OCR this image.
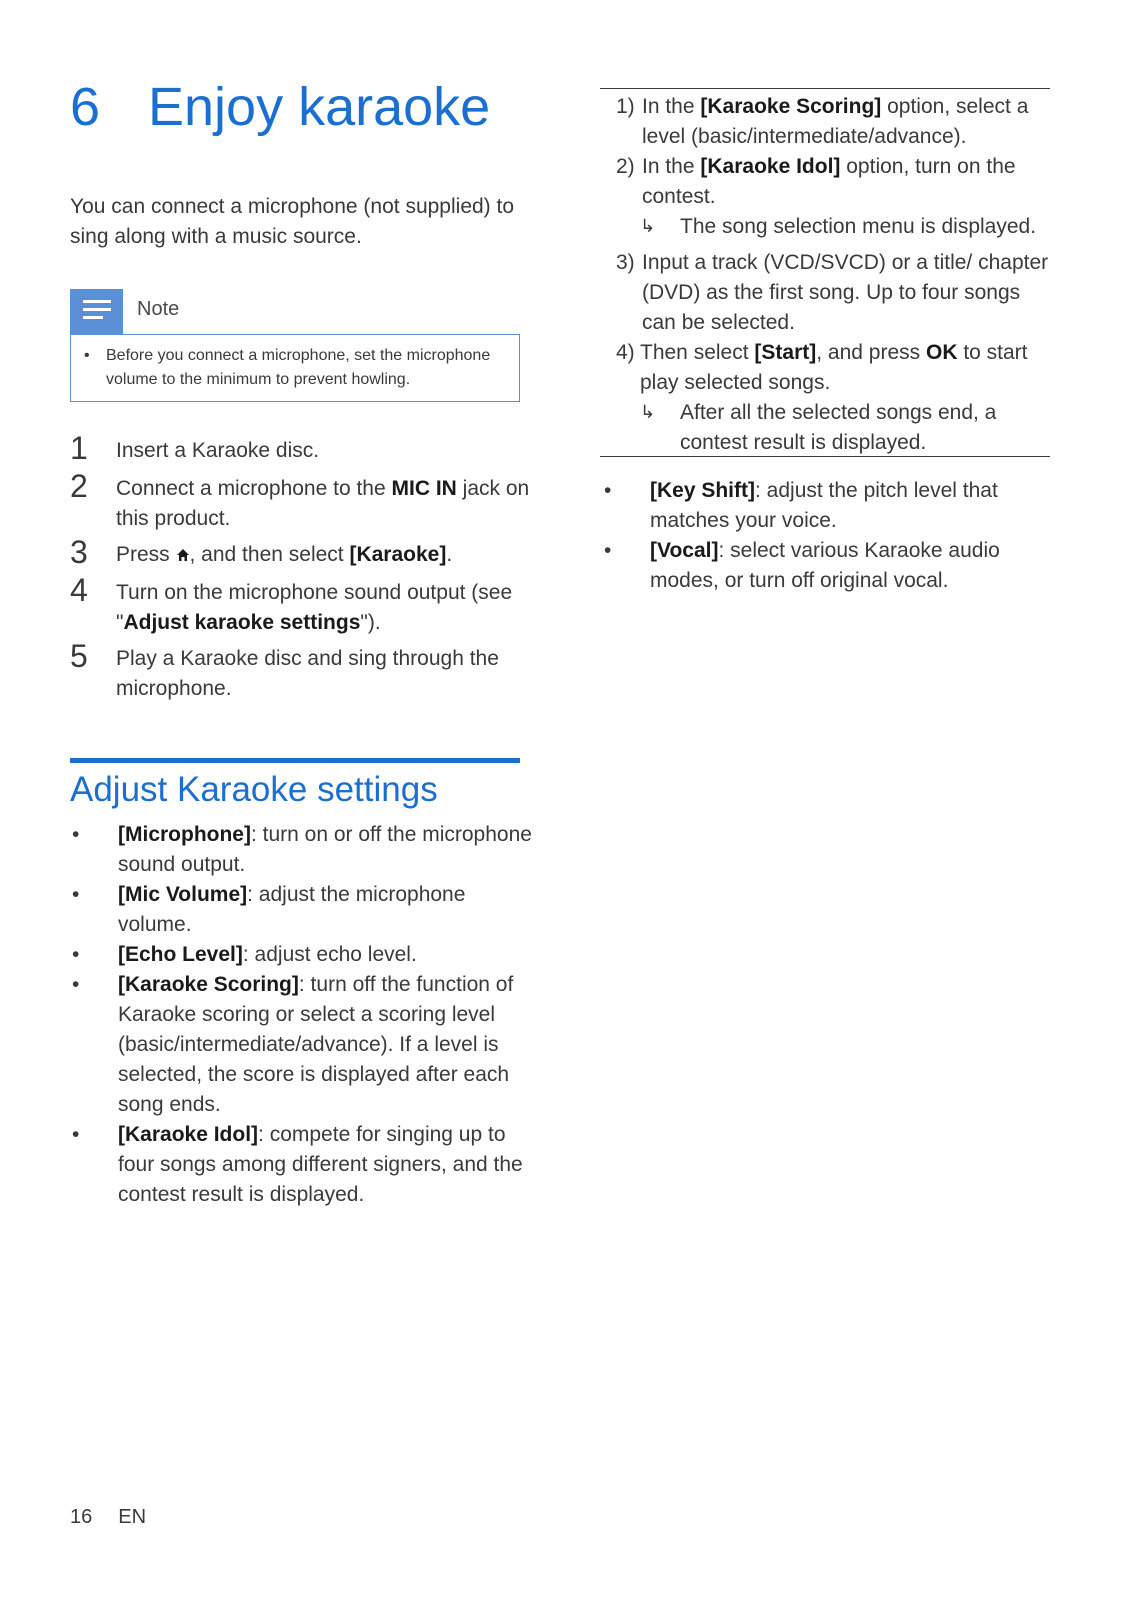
6 Enjoy karaoke
You can connect a microphone (not supplied) to sing along with a music source.
Note
• Before you connect a microphone, set the microphone volume to the minimum to prevent howling.
1 Insert a Karaoke disc.
2 Connect a microphone to the MIC IN jack on this product.
3 Press , and then select [Karaoke].
4 Turn on the microphone sound output (see "Adjust karaoke settings").
5 Play a Karaoke disc and sing through the microphone.
Adjust Karaoke settings
• [Microphone]: turn on or off the microphone sound output.
• [Mic Volume]: adjust the microphone volume.
• [Echo Level]: adjust echo level.
• [Karaoke Scoring]: turn off the function of Karaoke scoring or select a scoring level (basic/intermediate/advance). If a level is selected, the score is displayed after each song ends.
• [Karaoke Idol]: compete for singing up to four songs among different signers, and the contest result is displayed.
1) In the [Karaoke Scoring] option, select a level (basic/intermediate/advance).
2) In the [Karaoke Idol] option, turn on the contest.
↳ The song selection menu is displayed.
3) Input a track (VCD/SVCD) or a title/ chapter (DVD) as the first song. Up to four songs can be selected.
4) Then select [Start], and press OK to start play selected songs.
↳ After all the selected songs end, a contest result is displayed.
• [Key Shift]: adjust the pitch level that matches your voice.
• [Vocal]: select various Karaoke audio modes, or turn off original vocal.
16 EN
